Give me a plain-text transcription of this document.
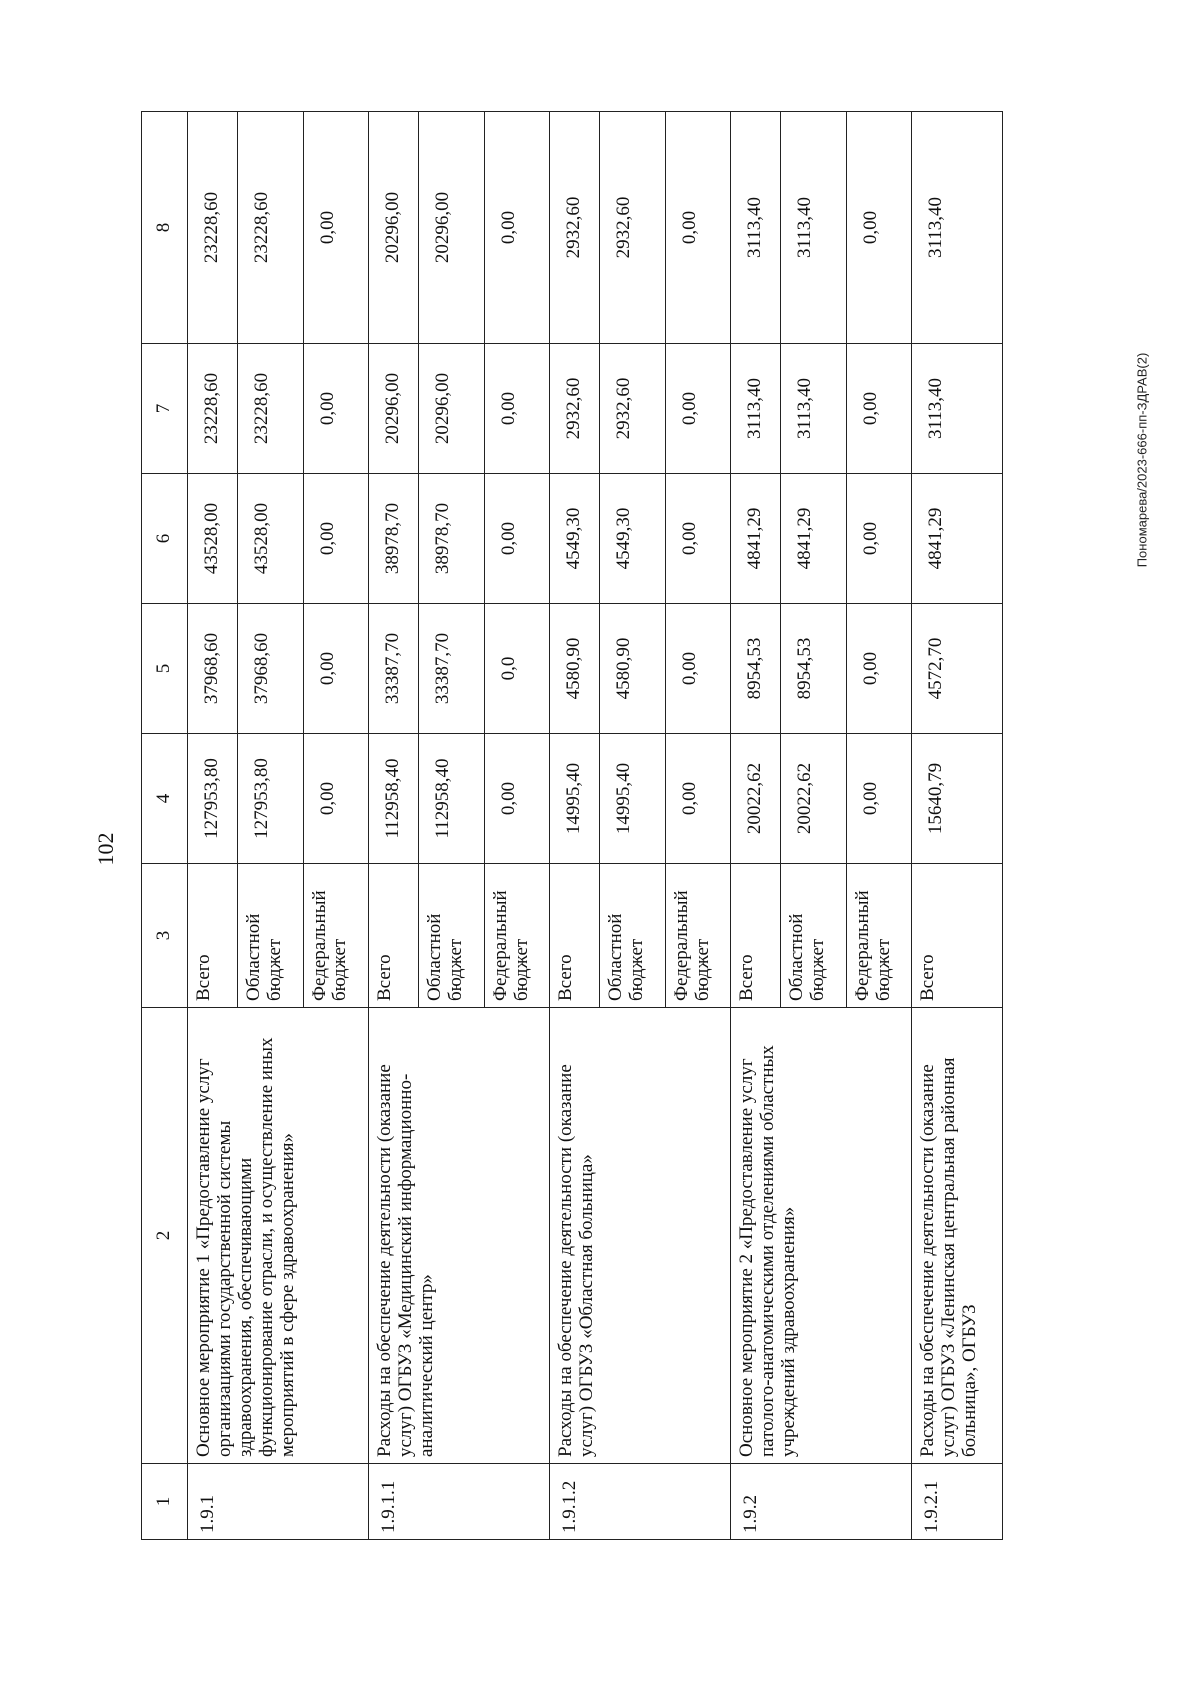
102
Пономарева/2023-666-пп-ЗДРАВ(2)
1	2	3	4	5	6	7	8
1.9.1	Основное мероприятие 1 «Предоставление услуг организациями государственной системы здравоохранения, обеспечивающими функционирование отрасли, и осуществление иных мероприятий в сфере здравоохранения»	Всего	127953,80	37968,60	43528,00	23228,60	23228,60
		Областной бюджет	127953,80	37968,60	43528,00	23228,60	23228,60
		Федеральный бюджет	0,00	0,00	0,00	0,00	0,00
1.9.1.1	Расходы на обеспечение деятельности (оказание услуг) ОГБУЗ «Медицинский информационно-аналитический центр»	Всего	112958,40	33387,70	38978,70	20296,00	20296,00
		Областной бюджет	112958,40	33387,70	38978,70	20296,00	20296,00
		Федеральный бюджет	0,00	0,0	0,00	0,00	0,00
1.9.1.2	Расходы на обеспечение деятельности (оказание услуг) ОГБУЗ «Областная больница»	Всего	14995,40	4580,90	4549,30	2932,60	2932,60
		Областной бюджет	14995,40	4580,90	4549,30	2932,60	2932,60
		Федеральный бюджет	0,00	0,00	0,00	0,00	0,00
1.9.2	Основное мероприятие 2 «Предоставление услуг патолого-анатомическими отделениями областных учреждений здравоохранения»	Всего	20022,62	8954,53	4841,29	3113,40	3113,40
		Областной бюджет	20022,62	8954,53	4841,29	3113,40	3113,40
		Федеральный бюджет	0,00	0,00	0,00	0,00	0,00
1.9.2.1	Расходы на обеспечение деятельности (оказание услуг) ОГБУЗ «Ленинская центральная районная больница», ОГБУЗ	Всего	15640,79	4572,70	4841,29	3113,40	3113,40
